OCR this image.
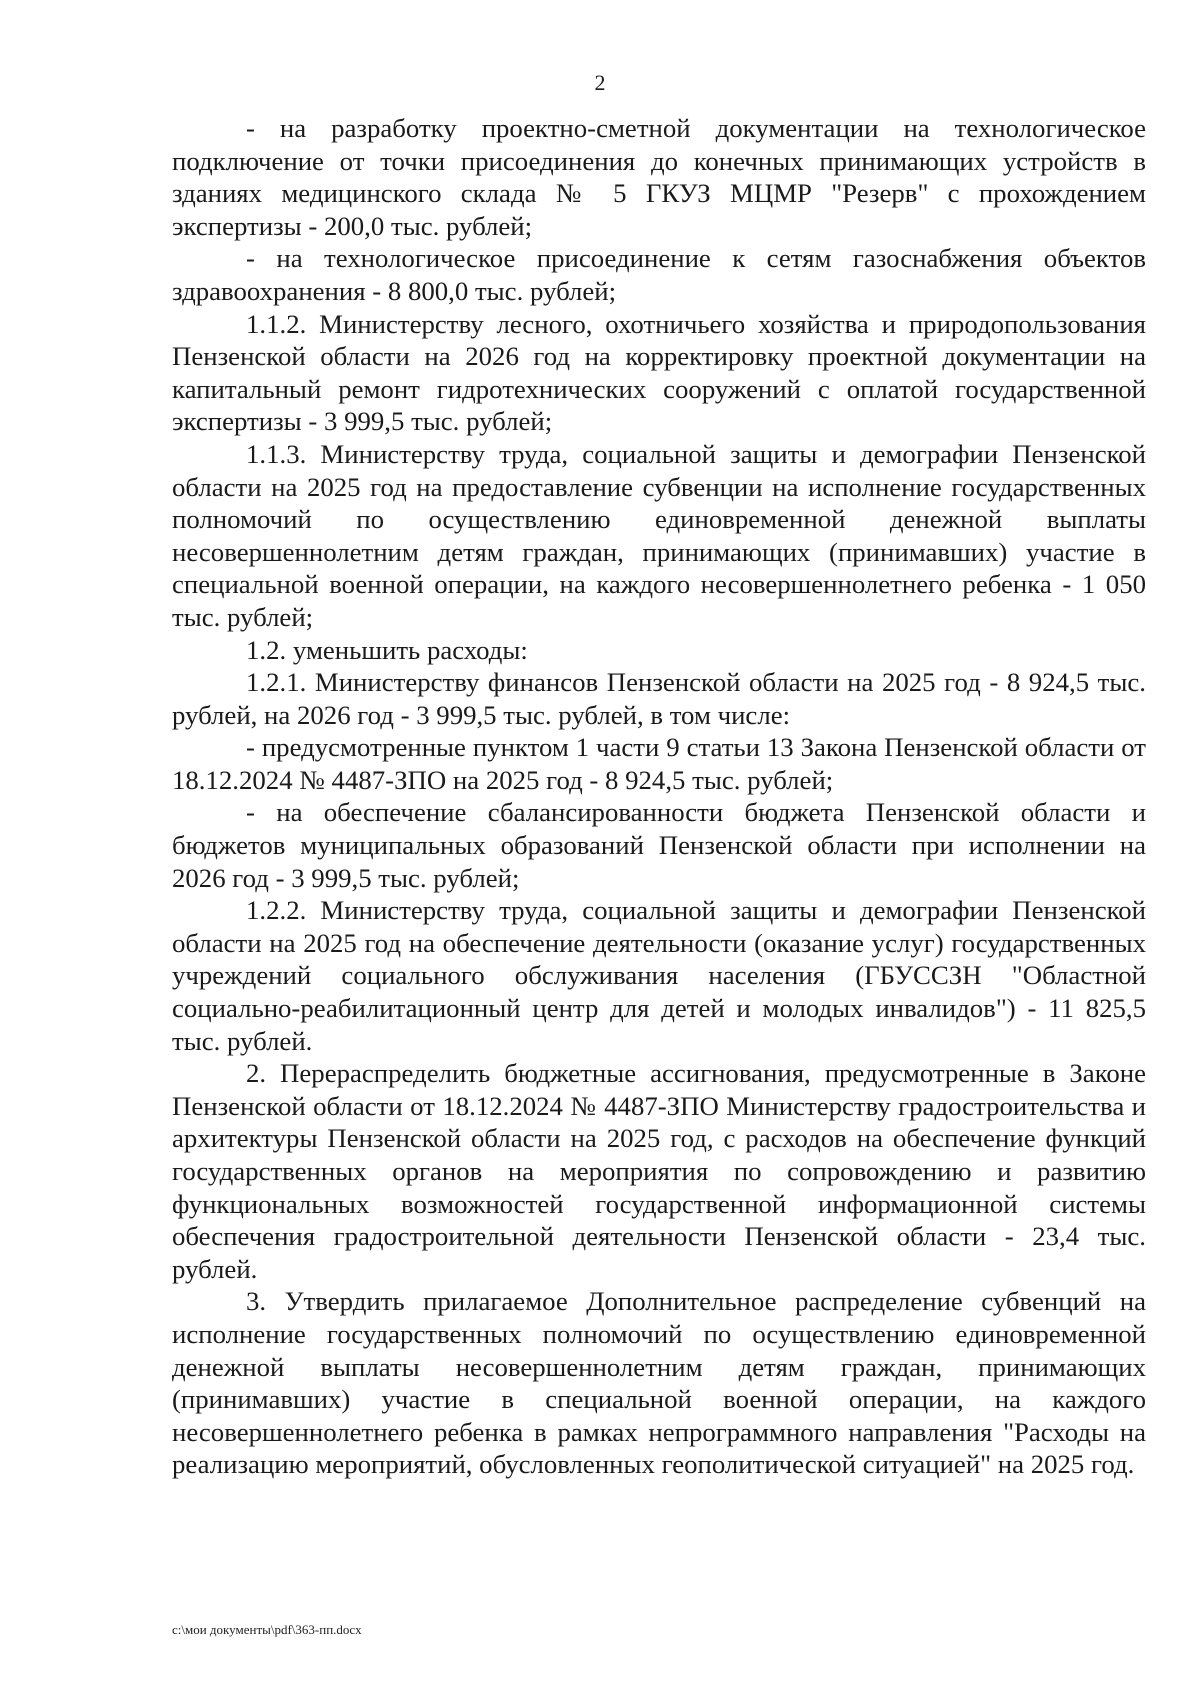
2

- на разработку проектно-сметной документации на технологическое подключение от точки присоединения до конечных принимающих устройств в зданиях медицинского склада № 5 ГКУЗ МЦМР "Резерв" с прохождением экспертизы - 200,0 тыс. рублей;

- на технологическое присоединение к сетям газоснабжения объектов здравоохранения - 8 800,0 тыс. рублей;

1.1.2. Министерству лесного, охотничьего хозяйства и природопользования Пензенской области на 2026 год на корректировку проектной документации на капитальный ремонт гидротехнических сооружений с оплатой государственной экспертизы - 3 999,5 тыс. рублей;

1.1.3. Министерству труда, социальной защиты и демографии Пензенской области на 2025 год на предоставление субвенции на исполнение государственных полномочий по осуществлению единовременной денежной выплаты несовершеннолетним детям граждан, принимающих (принимавших) участие в специальной военной операции, на каждого несовершеннолетнего ребенка - 1 050 тыс. рублей;

1.2. уменьшить расходы:

1.2.1. Министерству финансов Пензенской области на 2025 год - 8 924,5 тыс. рублей, на 2026 год - 3 999,5 тыс. рублей, в том числе:

- предусмотренные пунктом 1 части 9 статьи 13 Закона Пензенской области от 18.12.2024 № 4487-ЗПО на 2025 год - 8 924,5 тыс. рублей;

- на обеспечение сбалансированности бюджета Пензенской области и бюджетов муниципальных образований Пензенской области при исполнении на 2026 год - 3 999,5 тыс. рублей;

1.2.2. Министерству труда, социальной защиты и демографии Пензенской области на 2025 год на обеспечение деятельности (оказание услуг) государственных учреждений социального обслуживания населения (ГБУССЗН "Областной социально-реабилитационный центр для детей и молодых инвалидов") - 11 825,5 тыс. рублей.

2. Перераспределить бюджетные ассигнования, предусмотренные в Законе Пензенской области от 18.12.2024 № 4487-ЗПО Министерству градостроительства и архитектуры Пензенской области на 2025 год, с расходов на обеспечение функций государственных органов на мероприятия по сопровождению и развитию функциональных возможностей государственной информационной системы обеспечения градостроительной деятельности Пензенской области - 23,4 тыс. рублей.

3. Утвердить прилагаемое Дополнительное распределение субвенций на исполнение государственных полномочий по осуществлению единовременной денежной выплаты несовершеннолетним детям граждан, принимающих (принимавших) участие в специальной военной операции, на каждого несовершеннолетнего ребенка в рамках непрограммного направления "Расходы на реализацию мероприятий, обусловленных геополитической ситуацией" на 2025 год.

c:\мои документы\pdf\363-пп.docx
